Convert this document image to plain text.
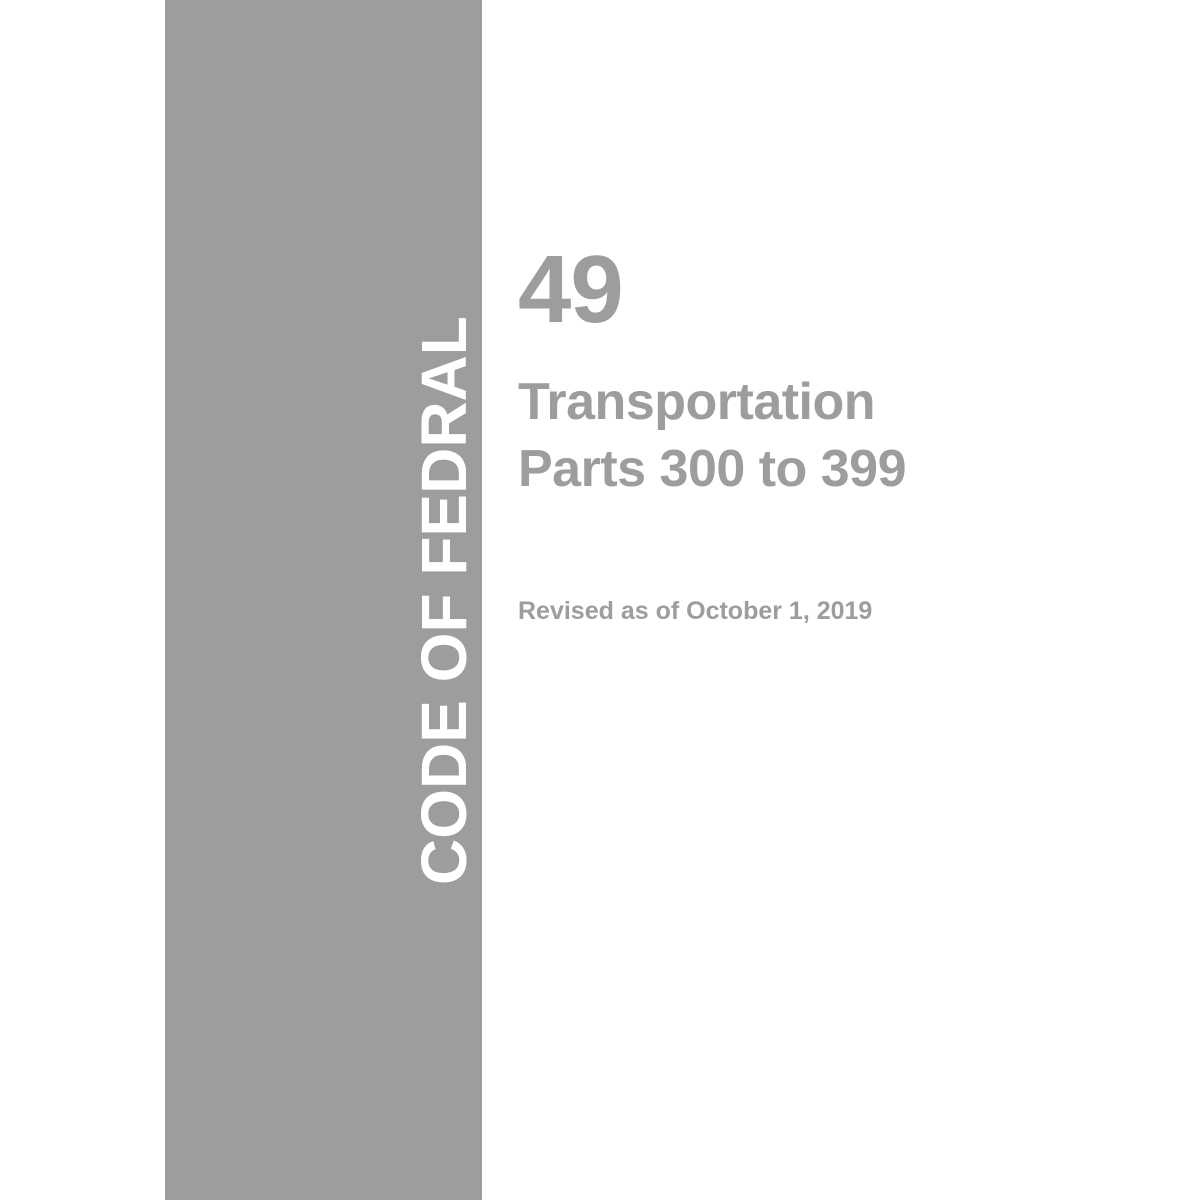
CODE OF FEDRAL REGULATIONS
49
Transportation
Parts 300 to 399
Revised as of October 1, 2019
